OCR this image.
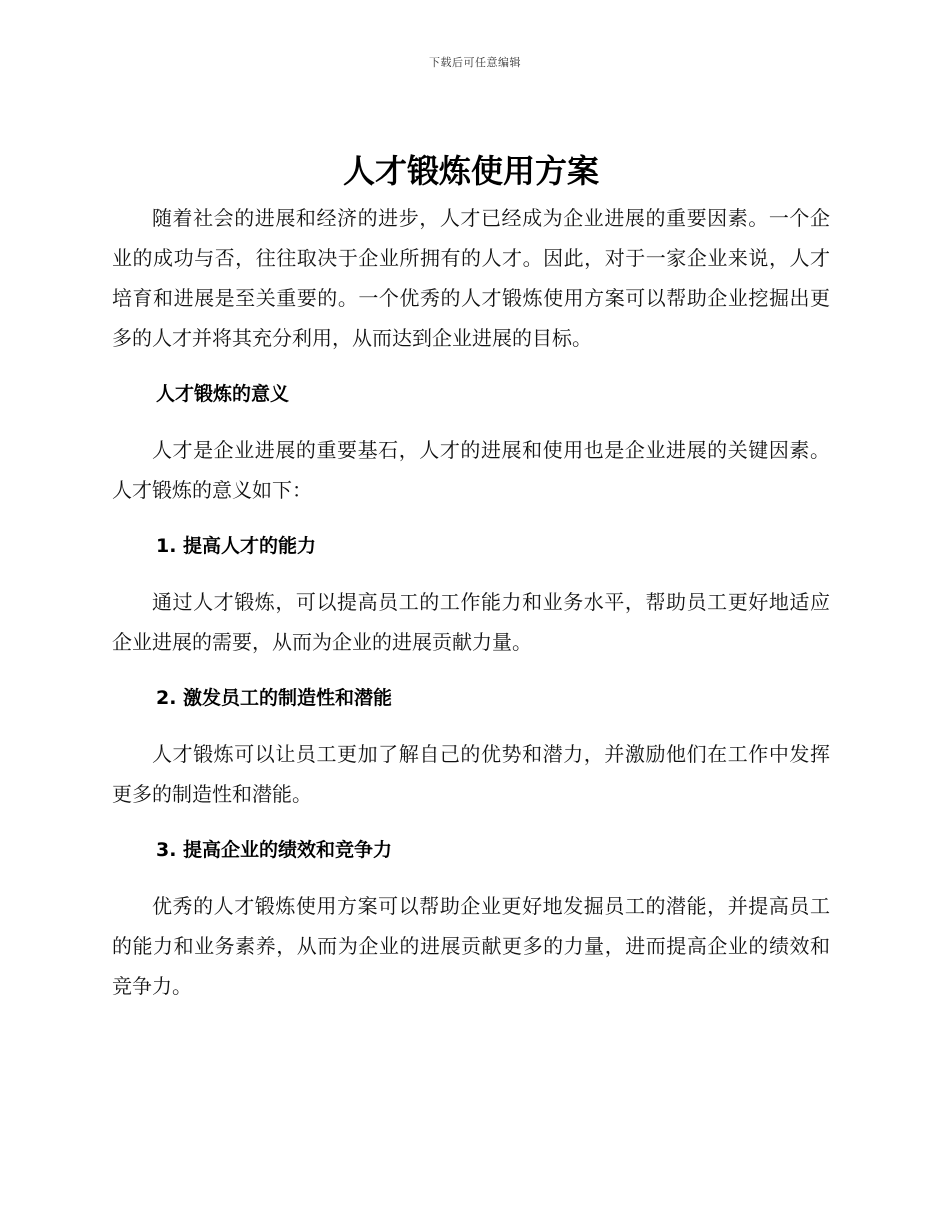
下载后可任意编辑
人才锻炼使用方案

随着社会的进展和经济的进步，人才已经成为企业进展的重要因素。一个企业的成功与否，往往取决于企业所拥有的人才。因此，对于一家企业来说，人才培育和进展是至关重要的。一个优秀的人才锻炼使用方案可以帮助企业挖掘出更多的人才并将其充分利用，从而达到企业进展的目标。

人才锻炼的意义

人才是企业进展的重要基石，人才的进展和使用也是企业进展的关键因素。人才锻炼的意义如下：

1. 提高人才的能力

通过人才锻炼，可以提高员工的工作能力和业务水平，帮助员工更好地适应企业进展的需要，从而为企业的进展贡献力量。

2. 激发员工的制造性和潜能

人才锻炼可以让员工更加了解自己的优势和潜力，并激励他们在工作中发挥更多的制造性和潜能。

3. 提高企业的绩效和竞争力

优秀的人才锻炼使用方案可以帮助企业更好地发掘员工的潜能，并提高员工的能力和业务素养，从而为企业的进展贡献更多的力量，进而提高企业的绩效和竞争力。
